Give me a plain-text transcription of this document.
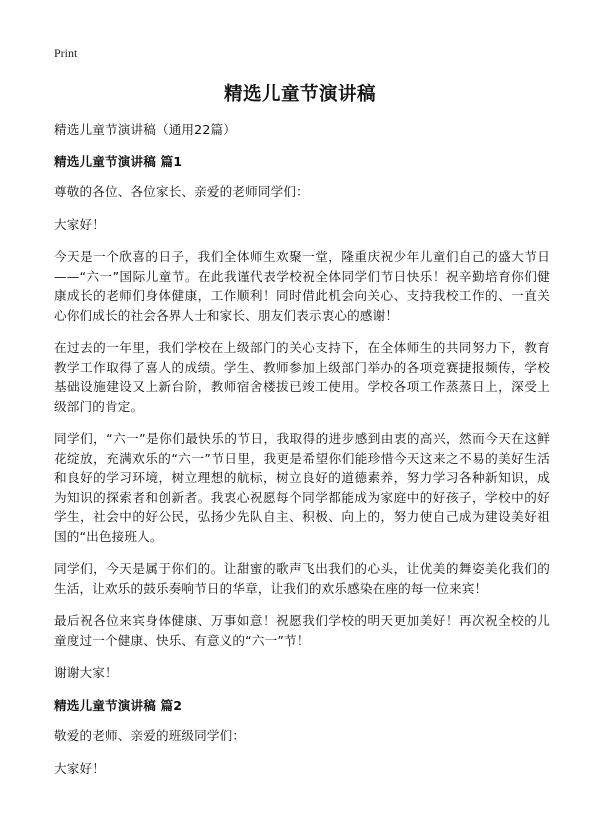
Print
精选儿童节演讲稿

精选儿童节演讲稿（通用22篇）

精选儿童节演讲稿 篇1

尊敬的各位、各位家长、亲爱的老师同学们：

大家好！

今天是一个欣喜的日子，我们全体师生欢聚一堂，隆重庆祝少年儿童们自己的盛大节日——“六一”国际儿童节。在此我谨代表学校祝全体同学们节日快乐！祝辛勤培育你们健康成长的老师们身体健康，工作顺利！同时借此机会向关心、支持我校工作的、一直关心你们成长的社会各界人士和家长、朋友们表示衷心的感谢！

在过去的一年里，我们学校在上级部门的关心支持下，在全体师生的共同努力下，教育教学工作取得了喜人的成绩。学生、教师参加上级部门举办的各项竞赛捷报频传，学校基础设施建设又上新台阶，教师宿舍楼拔已竣工使用。学校各项工作蒸蒸日上，深受上级部门的肯定。

同学们，“六一”是你们最快乐的节日，我取得的进步感到由衷的高兴，然而今天在这鲜花绽放，充满欢乐的“六一”节日里，我更是希望你们能珍惜今天这来之不易的美好生活和良好的学习环境，树立理想的航标，树立良好的道德素养，努力学习各种新知识，成为知识的探索者和创新者。我衷心祝愿每个同学都能成为家庭中的好孩子，学校中的好学生，社会中的好公民，弘扬少先队自主、积极、向上的，努力使自己成为建设美好祖国的“出色接班人。

同学们，今天是属于你们的。让甜蜜的歌声飞出我们的心头，让优美的舞姿美化我们的生活，让欢乐的鼓乐奏响节日的华章，让我们的欢乐感染在座的每一位来宾！

最后祝各位来宾身体健康、万事如意！祝愿我们学校的明天更加美好！再次祝全校的儿童度过一个健康、快乐、有意义的“六一”节！

谢谢大家！

精选儿童节演讲稿 篇2

敬爱的老师、亲爱的班级同学们：

大家好！
